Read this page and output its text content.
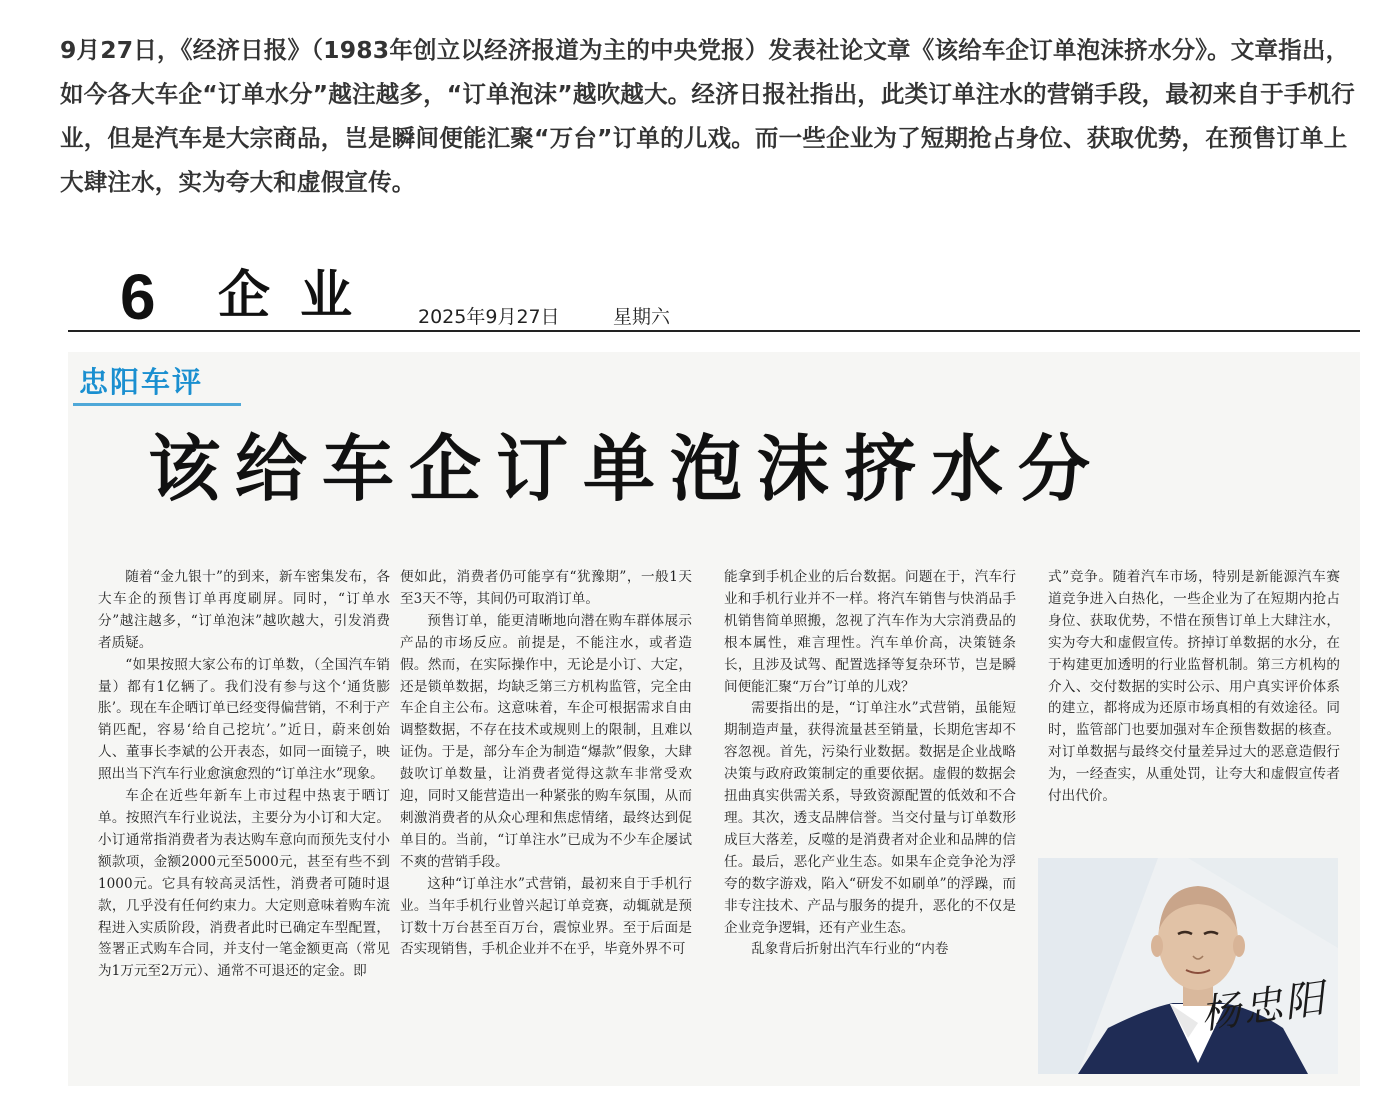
9月27日，《经济日报》（1983年创立以经济报道为主的中央党报）发表社论文章《该给车企订单泡沫挤水分》。文章指出，如今各大车企“订单水分”越注越多，“订单泡沫”越吹越大。经济日报社指出，此类订单注水的营销手段，最初来自于手机行业，但是汽车是大宗商品，岂是瞬间便能汇聚“万台”订单的儿戏。而一些企业为了短期抢占身位、获取优势，在预售订单上大肆注水，实为夸大和虚假宣传。
6 企业 2025年9月27日	星期六
忠阳车评
该给车企订单泡沫挤水分

随着“金九银十”的到来，新车密集发布，各大车企的预售订单再度刷屏。同时，“订单水分”越注越多，“订单泡沫”越吹越大，引发消费者质疑。

“如果按照大家公布的订单数，（全国汽车销量）都有1亿辆了。我们没有参与这个‘通货膨胀’。现在车企晒订单已经变得偏营销，不利于产销匹配，容易‘给自己挖坑’。”近日，蔚来创始人、董事长李斌的公开表态，如同一面镜子，映照出当下汽车行业愈演愈烈的“订单注水”现象。

车企在近些年新车上市过程中热衷于晒订单。按照汽车行业说法，主要分为小订和大定。小订通常指消费者为表达购车意向而预先支付小额款项，金额2000元至5000元，甚至有些不到1000元。它具有较高灵活性，消费者可随时退款，几乎没有任何约束力。大定则意味着购车流程进入实质阶段，消费者此时已确定车型配置，签署正式购车合同，并支付一笔金额更高（常见为1万元至2万元）、通常不可退还的定金。即

便如此，消费者仍可能享有“犹豫期”，一般1天至3天不等，其间仍可取消订单。

预售订单，能更清晰地向潜在购车群体展示产品的市场反应。前提是，不能注水，或者造假。然而，在实际操作中，无论是小订、大定，还是锁单数据，均缺乏第三方机构监管，完全由车企自主公布。这意味着，车企可根据需求自由调整数据，不存在技术或规则上的限制，且难以证伪。于是，部分车企为制造“爆款”假象，大肆鼓吹订单数量，让消费者觉得这款车非常受欢迎，同时又能营造出一种紧张的购车氛围，从而刺激消费者的从众心理和焦虑情绪，最终达到促单目的。当前，“订单注水”已成为不少车企屡试不爽的营销手段。

这种“订单注水”式营销，最初来自于手机行业。当年手机行业曾兴起订单竞赛，动辄就是预订数十万台甚至百万台，震惊业界。至于后面是否实现销售，手机企业并不在乎，毕竟外界不可

能拿到手机企业的后台数据。问题在于，汽车行业和手机行业并不一样。将汽车销售与快消品手机销售简单照搬，忽视了汽车作为大宗消费品的根本属性，难言理性。汽车单价高，决策链条长，且涉及试驾、配置选择等复杂环节，岂是瞬间便能汇聚“万台”订单的儿戏？

需要指出的是，“订单注水”式营销，虽能短期制造声量，获得流量甚至销量，长期危害却不容忽视。首先，污染行业数据。数据是企业战略决策与政府政策制定的重要依据。虚假的数据会扭曲真实供需关系，导致资源配置的低效和不合理。其次，透支品牌信誉。当交付量与订单数形成巨大落差，反噬的是消费者对企业和品牌的信任。最后，恶化产业生态。如果车企竞争沦为浮夸的数字游戏，陷入“研发不如刷单”的浮躁，而非专注技术、产品与服务的提升，恶化的不仅是企业竞争逻辑，还有产业生态。

乱象背后折射出汽车行业的“内卷

式”竞争。随着汽车市场，特别是新能源汽车赛道竞争进入白热化，一些企业为了在短期内抢占身位、获取优势，不惜在预售订单上大肆注水，实为夸大和虚假宣传。挤掉订单数据的水分，在于构建更加透明的行业监督机制。第三方机构的介入、交付数据的实时公示、用户真实评价体系的建立，都将成为还原市场真相的有效途径。同时，监管部门也要加强对车企预售数据的核查。对订单数据与最终交付量差异过大的恶意造假行为，一经查实，从重处罚，让夸大和虚假宣传者付出代价。

杨忠阳
